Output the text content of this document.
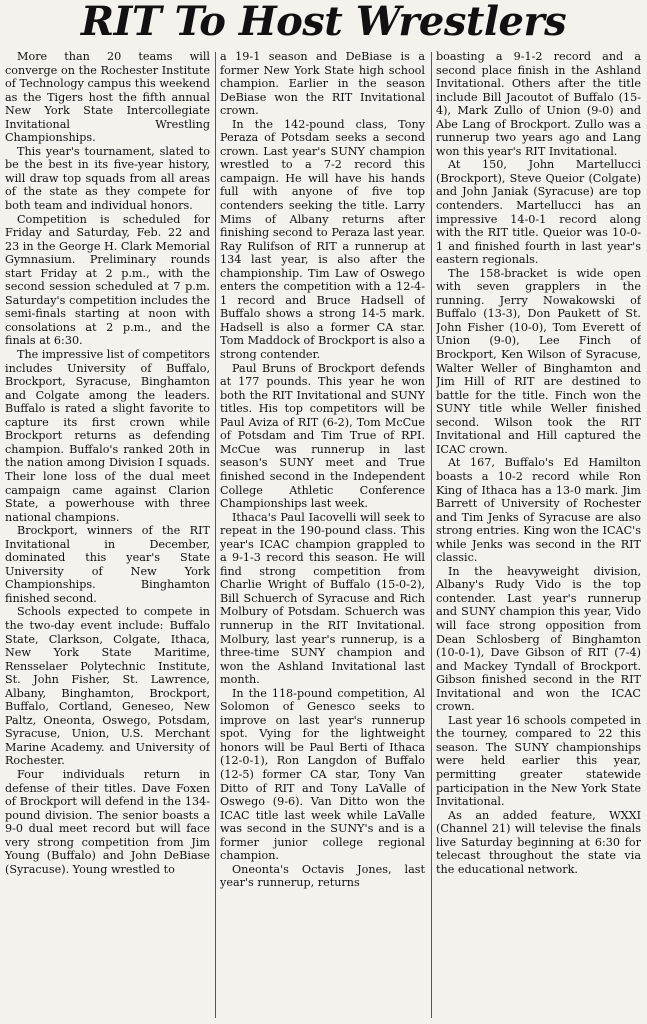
RIT To Host Wrestlers

More than 20 teams will converge on the Rochester Institute of Technology campus this weekend as the Tigers host the fifth annual New York State Intercollegiate Invitational Wrestling Championships.

This year's tournament, slated to be the best in its five-year history, will draw top squads from all areas of the state as they compete for both team and individual honors.

Competition is scheduled for Friday and Saturday, Feb. 22 and 23 in the George H. Clark Memorial Gymnasium. Preliminary rounds start Friday at 2 p.m., with the second session scheduled at 7 p.m. Saturday's competition includes the semi-finals starting at noon with consolations at 2 p.m., and the finals at 6:30.

The impressive list of competitors includes University of Buffalo, Brockport, Syracuse, Binghamton and Colgate among the leaders. Buffalo is rated a slight favorite to capture its first crown while Brockport returns as defending champion. Buffalo's ranked 20th in the nation among Division I squads. Their lone loss of the dual meet campaign came against Clarion State, a powerhouse with three national champions.

Brockport, winners of the RIT Invitational in December, dominated this year's State University of New York Championships. Binghamton finished second.

Schools expected to compete in the two-day event include: Buffalo State, Clarkson, Colgate, Ithaca, New York State Maritime, Rensselaer Polytechnic Institute, St. John Fisher, St. Lawrence, Albany, Binghamton, Brockport, Buffalo, Cortland, Geneseo, New Paltz, Oneonta, Oswego, Potsdam, Syracuse, Union, U.S. Merchant Marine Academy. and University of Rochester.

Four individuals return in defense of their titles. Dave Foxen of Brockport will defend in the 134-pound division. The senior boasts a 9-0 dual meet record but will face very strong competition from Jim Young (Buffalo) and John DeBiase (Syracuse). Young wrestled to

a 19-1 season and DeBiase is a former New York State high school champion. Earlier in the season DeBiase won the RIT Invitational crown.

In the 142-pound class, Tony Peraza of Potsdam seeks a second crown. Last year's SUNY champion wrestled to a 7-2 record this campaign. He will have his hands full with anyone of five top contenders seeking the title. Larry Mims of Albany returns after finishing second to Peraza last year. Ray Rulifson of RIT a runnerup at 134 last year, is also after the championship. Tim Law of Oswego enters the competition with a 12-4-1 record and Bruce Hadsell of Buffalo shows a strong 14-5 mark. Hadsell is also a former CA star. Tom Maddock of Brockport is also a strong contender.

Paul Bruns of Brockport defends at 177 pounds. This year he won both the RIT Invitational and SUNY titles. His top competitors will be Paul Aviza of RIT (6-2), Tom McCue of Potsdam and Tim True of RPI. McCue was runnerup in last season's SUNY meet and True finished second in the Independent College Athletic Conference Championships last week.

Ithaca's Paul Iacovelli will seek to repeat in the 190-pound class. This year's ICAC champion grappled to a 9-1-3 record this season. He will find strong competition from Charlie Wright of Buffalo (15-0-2), Bill Schuerch of Syracuse and Rich Molbury of Potsdam. Schuerch was runnerup in the RIT Invitational. Molbury, last year's runnerup, is a three-time SUNY champion and won the Ashland Invitational last month.

In the 118-pound competition, Al Solomon of Genesco seeks to improve on last year's runnerup spot. Vying for the lightweight honors will be Paul Berti of Ithaca (12-0-1), Ron Langdon of Buffalo (12-5) former CA star, Tony Van Ditto of RIT and Tony LaValle of Oswego (9-6). Van Ditto won the ICAC title last week while LaValle was second in the SUNY's and is a former junior college regional champion.

Oneonta's Octavis Jones, last year's runnerup, returns

boasting a 9-1-2 record and a second place finish in the Ashland Invitational. Others after the title include Bill Jacoutot of Buffalo (15-4), Mark Zullo of Union (9-0) and Abe Lang of Brockport. Zullo was a runnerup two years ago and Lang won this year's RIT Invitational.

At 150, John Martellucci (Brockport), Steve Queior (Colgate) and John Janiak (Syracuse) are top contenders. Martellucci has an impressive 14-0-1 record along with the RIT title. Queior was 10-0-1 and finished fourth in last year's eastern regionals.

The 158-bracket is wide open with seven grapplers in the running. Jerry Nowakowski of Buffalo (13-3), Don Paukett of St. John Fisher (10-0), Tom Everett of Union (9-0), Lee Finch of Brockport, Ken Wilson of Syracuse, Walter Weller of Binghamton and Jim Hill of RIT are destined to battle for the title. Finch won the SUNY title while Weller finished second. Wilson took the RIT Invitational and Hill captured the ICAC crown.

At 167, Buffalo's Ed Hamilton boasts a 10-2 record while Ron King of Ithaca has a 13-0 mark. Jim Barrett of University of Rochester and Tim Jenks of Syracuse are also strong entries. King won the ICAC's while Jenks was second in the RIT classic.

In the heavyweight division, Albany's Rudy Vido is the top contender. Last year's runnerup and SUNY champion this year, Vido will face strong opposition from Dean Schlosberg of Binghamton (10-0-1), Dave Gibson of RIT (7-4) and Mackey Tyndall of Brockport. Gibson finished second in the RIT Invitational and won the ICAC crown.

Last year 16 schools competed in the tourney, compared to 22 this season. The SUNY championships were held earlier this year, permitting greater statewide participation in the New York State Invitational.

As an added feature, WXXI (Channel 21) will televise the finals live Saturday beginning at 6:30 for telecast throughout the state via the educational network.
